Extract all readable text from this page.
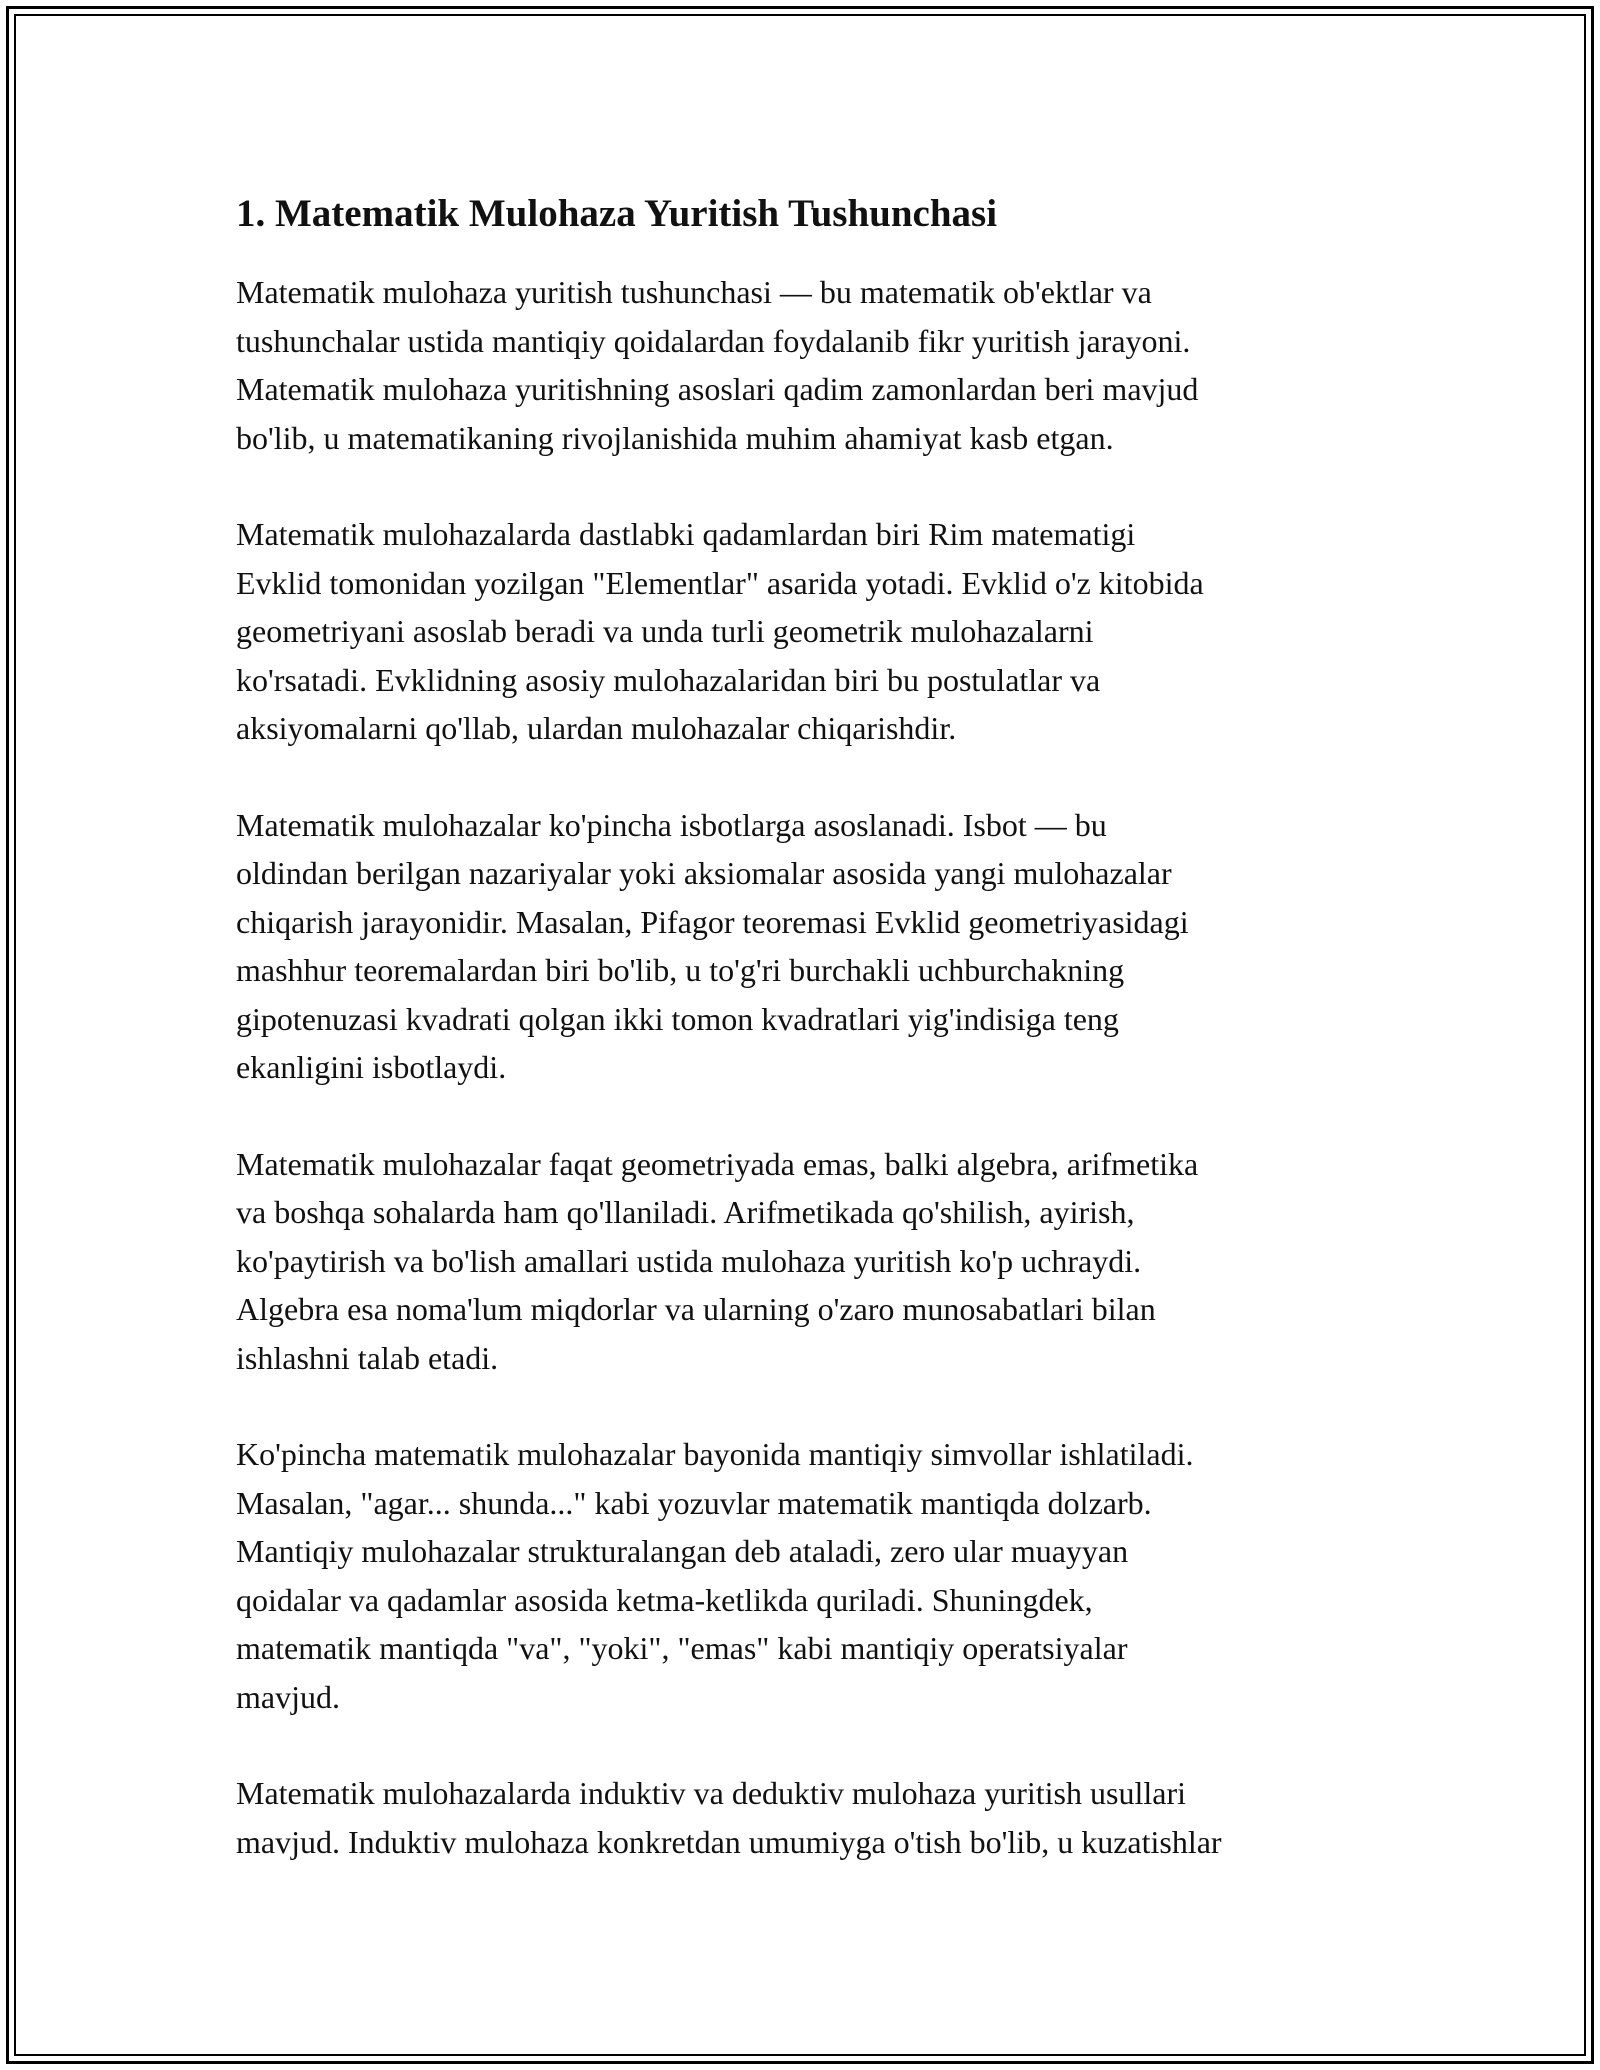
1. Matematik Mulohaza Yuritish Tushunchasi

Matematik mulohaza yuritish tushunchasi — bu matematik ob'ektlar va
tushunchalar ustida mantiqiy qoidalardan foydalanib fikr yuritish jarayoni.
Matematik mulohaza yuritishning asoslari qadim zamonlardan beri mavjud
bo'lib, u matematikaning rivojlanishida muhim ahamiyat kasb etgan.

Matematik mulohazalarda dastlabki qadamlardan biri Rim matematigi
Evklid tomonidan yozilgan "Elementlar" asarida yotadi. Evklid o'z kitobida
geometriyani asoslab beradi va unda turli geometrik mulohazalarni
ko'rsatadi. Evklidning asosiy mulohazalaridan biri bu postulatlar va
aksiyomalarni qo'llab, ulardan mulohazalar chiqarishdir.

Matematik mulohazalar ko'pincha isbotlarga asoslanadi. Isbot — bu
oldindan berilgan nazariyalar yoki aksiomalar asosida yangi mulohazalar
chiqarish jarayonidir. Masalan, Pifagor teoremasi Evklid geometriyasidagi
mashhur teoremalardan biri bo'lib, u to'g'ri burchakli uchburchakning
gipotenuzasi kvadrati qolgan ikki tomon kvadratlari yig'indisiga teng
ekanligini isbotlaydi.

Matematik mulohazalar faqat geometriyada emas, balki algebra, arifmetika
va boshqa sohalarda ham qo'llaniladi. Arifmetikada qo'shilish, ayirish,
ko'paytirish va bo'lish amallari ustida mulohaza yuritish ko'p uchraydi.
Algebra esa noma'lum miqdorlar va ularning o'zaro munosabatlari bilan
ishlashni talab etadi.

Ko'pincha matematik mulohazalar bayonida mantiqiy simvollar ishlatiladi.
Masalan, "agar... shunda..." kabi yozuvlar matematik mantiqda dolzarb.
Mantiqiy mulohazalar strukturalangan deb ataladi, zero ular muayyan
qoidalar va qadamlar asosida ketma-ketlikda quriladi. Shuningdek,
matematik mantiqda "va", "yoki", "emas" kabi mantiqiy operatsiyalar
mavjud.

Matematik mulohazalarda induktiv va deduktiv mulohaza yuritish usullari
mavjud. Induktiv mulohaza konkretdan umumiyga o'tish bo'lib, u kuzatishlar
